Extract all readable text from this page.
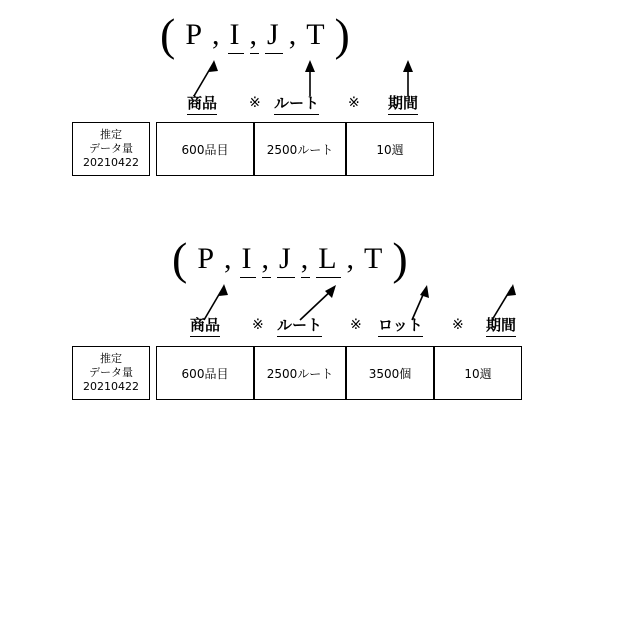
( P , I , J , T )
商品 ※ ルート ※ 期間
推定
データ量
20210422
600品目	2500ルート	10週
( P , I , J , L , T )
商品 ※ ルート ※ ロット ※ 期間
推定
データ量
20210422
600品目	2500ルート	3500個	10週
